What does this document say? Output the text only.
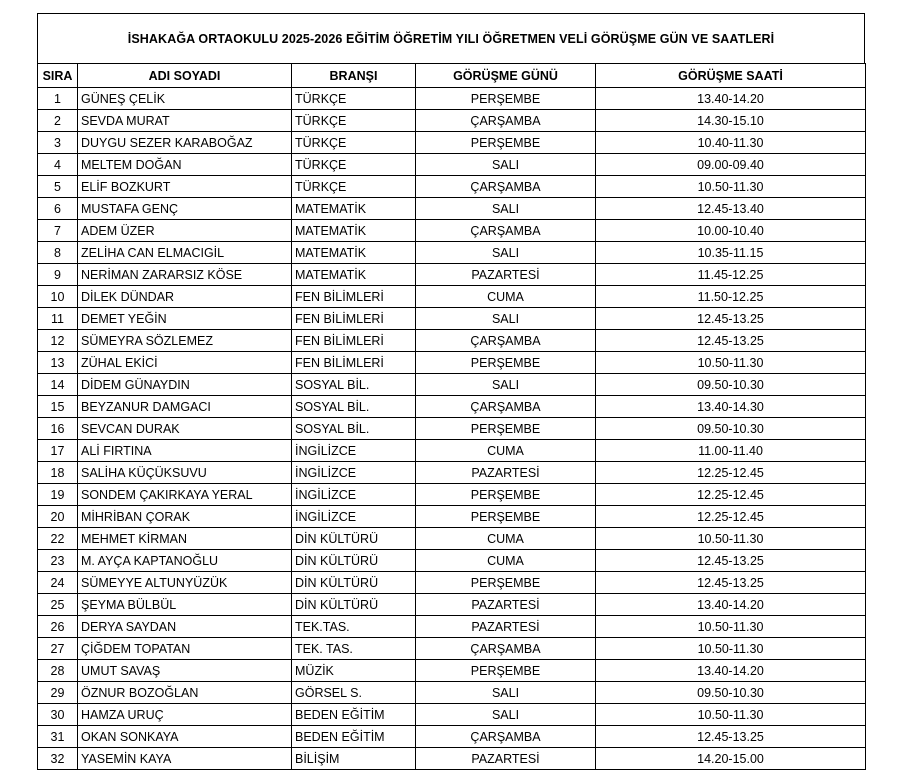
İSHAKAĞA ORTAOKULU 2025-2026 EĞİTİM ÖĞRETİM YILI ÖĞRETMEN VELİ GÖRÜŞME GÜN VE SAATLERİ
SIRA	ADI SOYADI	BRANŞI	GÖRÜŞME GÜNÜ	GÖRÜŞME SAATİ
1	GÜNEŞ ÇELİK	TÜRKÇE	PERŞEMBE	13.40-14.20
2	SEVDA MURAT	TÜRKÇE	ÇARŞAMBA	14.30-15.10
3	DUYGU SEZER KARABOĞAZ	TÜRKÇE	PERŞEMBE	10.40-11.30
4	MELTEM DOĞAN	TÜRKÇE	SALI	09.00-09.40
5	ELİF BOZKURT	TÜRKÇE	ÇARŞAMBA	10.50-11.30
6	MUSTAFA GENÇ	MATEMATİK	SALI	12.45-13.40
7	ADEM ÜZER	MATEMATİK	ÇARŞAMBA	10.00-10.40
8	ZELİHA CAN ELMACIGİL	MATEMATİK	SALI	10.35-11.15
9	NERİMAN ZARARSIZ KÖSE	MATEMATİK	PAZARTESİ	11.45-12.25
10	DİLEK DÜNDAR	FEN BİLİMLERİ	CUMA	11.50-12.25
11	DEMET YEĞİN	FEN BİLİMLERİ	SALI	12.45-13.25
12	SÜMEYRA SÖZLEMEZ	FEN BİLİMLERİ	ÇARŞAMBA	12.45-13.25
13	ZÜHAL EKİCİ	FEN BİLİMLERİ	PERŞEMBE	10.50-11.30
14	DİDEM GÜNAYDIN	SOSYAL BİL.	SALI	09.50-10.30
15	BEYZANUR DAMGACI	SOSYAL BİL.	ÇARŞAMBA	13.40-14.30
16	SEVCAN DURAK	SOSYAL BİL.	PERŞEMBE	09.50-10.30
17	ALİ FIRTINA	İNGİLİZCE	CUMA	11.00-11.40
18	SALİHA KÜÇÜKSUVU	İNGİLİZCE	PAZARTESİ	12.25-12.45
19	SONDEM ÇAKIRKAYA YERAL	İNGİLİZCE	PERŞEMBE	12.25-12.45
20	MİHRİBAN ÇORAK	İNGİLİZCE	PERŞEMBE	12.25-12.45
22	MEHMET KİRMAN	DİN KÜLTÜRÜ	CUMA	10.50-11.30
23	M. AYÇA KAPTANOĞLU	DİN KÜLTÜRÜ	CUMA	12.45-13.25
24	SÜMEYYE ALTUNYÜZÜK	DİN KÜLTÜRÜ	PERŞEMBE	12.45-13.25
25	ŞEYMA BÜLBÜL	DİN KÜLTÜRÜ	PAZARTESİ	13.40-14.20
26	DERYA SAYDAN	TEK.TAS.	PAZARTESİ	10.50-11.30
27	ÇİĞDEM TOPATAN	TEK. TAS.	ÇARŞAMBA	10.50-11.30
28	UMUT SAVAŞ	MÜZİK	PERŞEMBE	13.40-14.20
29	ÖZNUR BOZOĞLAN	GÖRSEL S.	SALI	09.50-10.30
30	HAMZA URUÇ	BEDEN EĞİTİM	SALI	10.50-11.30
31	OKAN SONKAYA	BEDEN EĞİTİM	ÇARŞAMBA	12.45-13.25
32	YASEMİN KAYA	BİLİŞİM	PAZARTESİ	14.20-15.00
